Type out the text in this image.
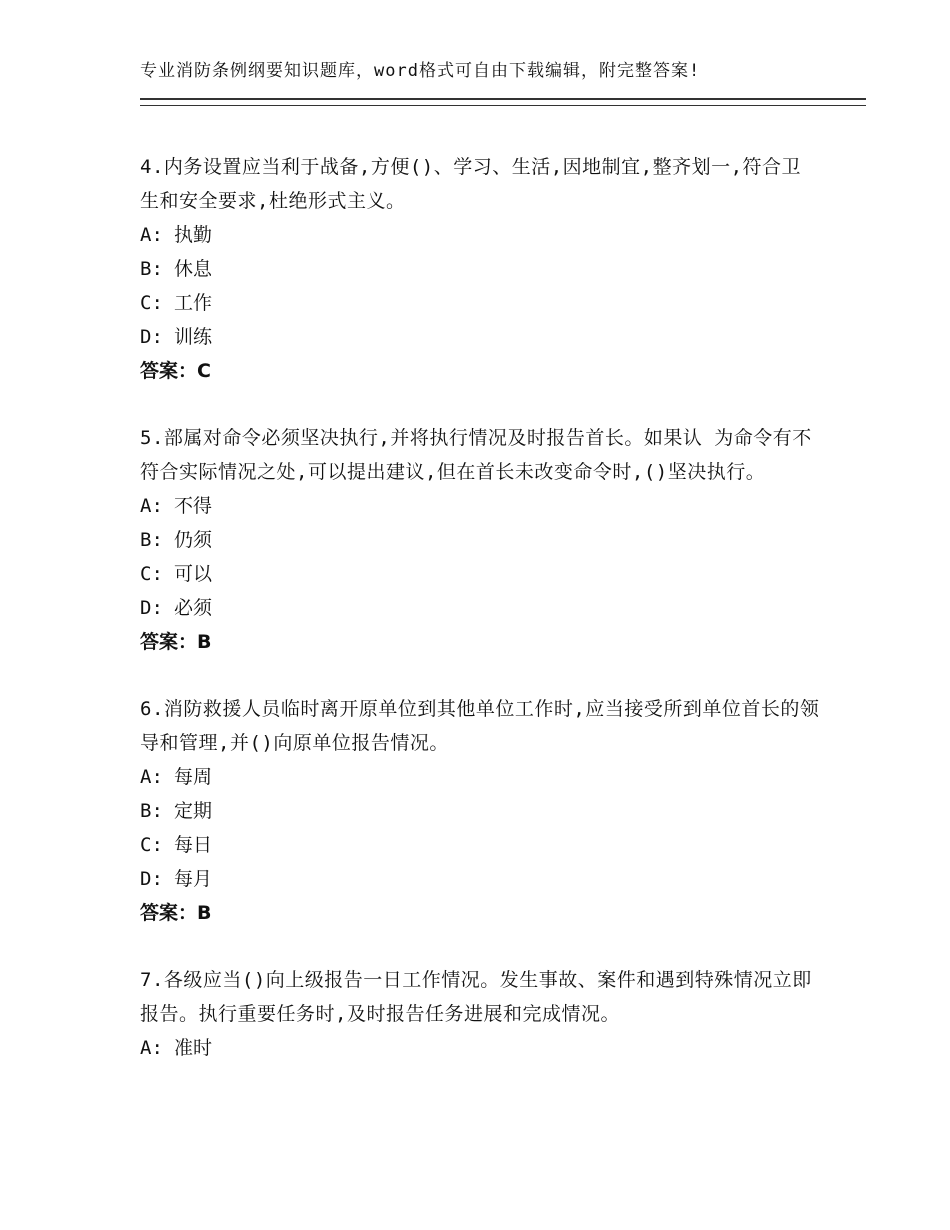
专业消防条例纲要知识题库，word格式可自由下载编辑，附完整答案!
4.内务设置应当利于战备,方便()、学习、生活,因地制宜,整齐划一,符合卫生和安全要求,杜绝形式主义。
A: 执勤
B: 休息
C: 工作
D: 训练
答案：C
5.部属对命令必须坚决执行,并将执行情况及时报告首长。如果认 为命令有不符合实际情况之处,可以提出建议,但在首长未改变命令时,()坚决执行。
A: 不得
B: 仍须
C: 可以
D: 必须
答案：B
6.消防救援人员临时离开原单位到其他单位工作时,应当接受所到单位首长的领导和管理,并()向原单位报告情况。
A: 每周
B: 定期
C: 每日
D: 每月
答案：B
7.各级应当()向上级报告一日工作情况。发生事故、案件和遇到特殊情况立即报告。执行重要任务时,及时报告任务进展和完成情况。
A: 准时
